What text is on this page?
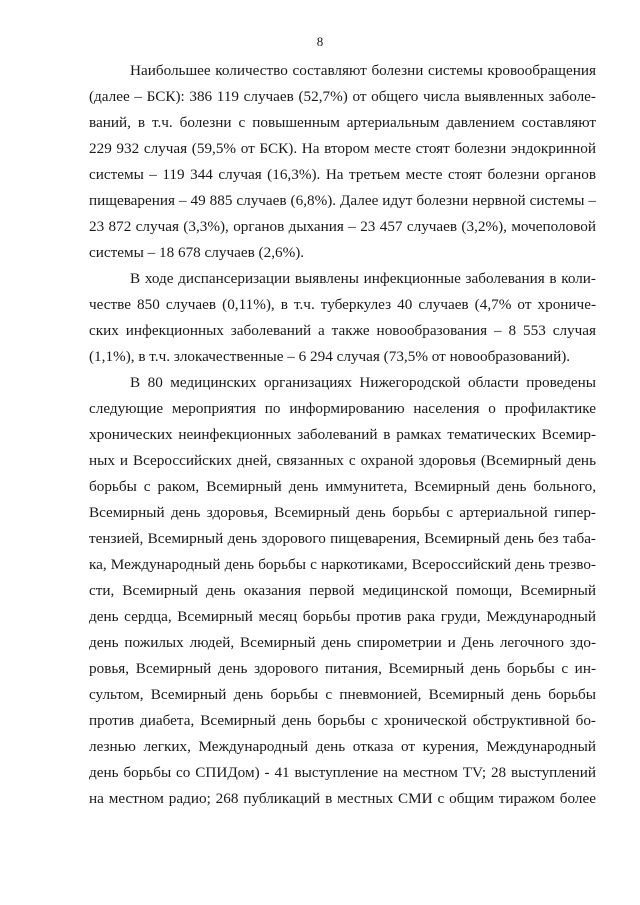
8
Наибольшее количество составляют болезни системы кровообращения
(далее – БСК): 386 119 случаев (52,7%) от общего числа выявленных заболе-
ваний, в т.ч. болезни с повышенным артериальным давлением составляют
229 932 случая (59,5% от БСК). На втором месте стоят болезни эндокринной
системы – 119 344 случая (16,3%). На третьем месте стоят болезни органов
пищеварения – 49 885 случаев (6,8%). Далее идут болезни нервной системы –
23 872 случая (3,3%), органов дыхания – 23 457 случаев (3,2%), мочеполовой
системы – 18 678 случаев (2,6%).
В ходе диспансеризации выявлены инфекционные заболевания в коли-
честве 850 случаев (0,11%), в т.ч. туберкулез 40 случаев (4,7% от хрониче-
ских инфекционных заболеваний а также новообразования – 8 553 случая
(1,1%), в т.ч. злокачественные – 6 294 случая (73,5% от новообразований).
В 80 медицинских организациях Нижегородской области проведены
следующие мероприятия по информированию населения о профилактике
хронических неинфекционных заболеваний в рамках тематических Всемир-
ных и Всероссийских дней, связанных с охраной здоровья (Всемирный день
борьбы с раком, Всемирный день иммунитета, Всемирный день больного,
Всемирный день здоровья, Всемирный день борьбы с артериальной гипер-
тензией, Всемирный день здорового пищеварения, Всемирный день без таба-
ка, Международный день борьбы с наркотиками, Всероссийский день трезво-
сти, Всемирный день оказания первой медицинской помощи, Всемирный
день сердца, Всемирный месяц борьбы против рака груди, Международный
день пожилых людей, Всемирный день спирометрии и День легочного здо-
ровья, Всемирный день здорового питания, Всемирный день борьбы с ин-
сультом, Всемирный день борьбы с пневмонией, Всемирный день борьбы
против диабета, Всемирный день борьбы с хронической обструктивной бо-
лезнью легких, Международный день отказа от курения, Международный
день борьбы со СПИДом) - 41 выступление на местном TV; 28 выступлений
на местном радио; 268 публикаций в местных СМИ с общим тиражом более
